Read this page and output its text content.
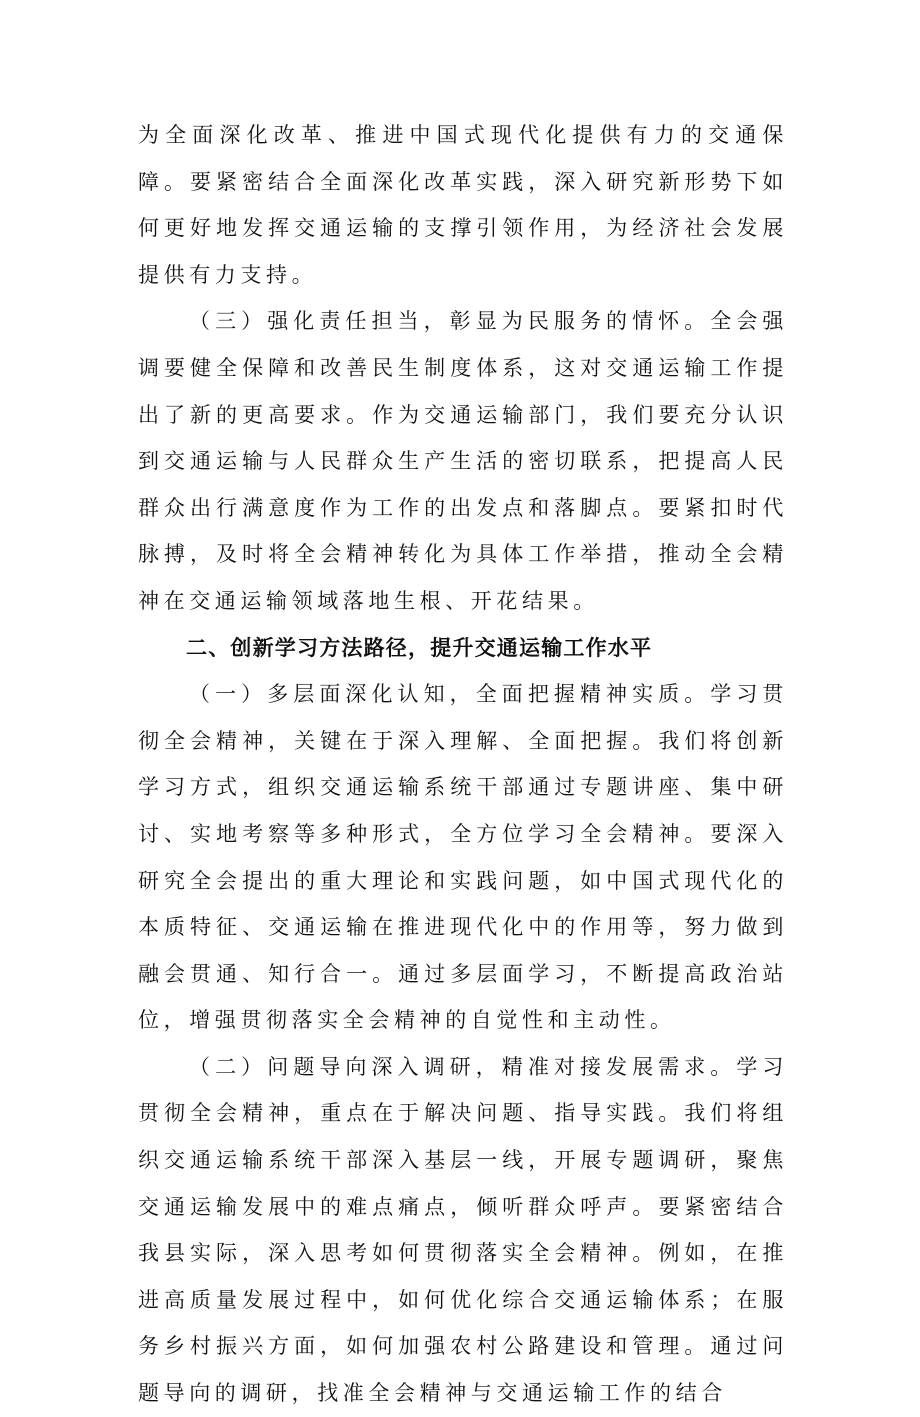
为全面深化改革、推进中国式现代化提供有力的交通保障。要紧密结合全面深化改革实践，深入研究新形势下如何更好地发挥交通运输的支撑引领作用，为经济社会发展提供有力支持。

（三）强化责任担当，彰显为民服务的情怀。全会强调要健全保障和改善民生制度体系，这对交通运输工作提出了新的更高要求。作为交通运输部门，我们要充分认识到交通运输与人民群众生产生活的密切联系，把提高人民群众出行满意度作为工作的出发点和落脚点。要紧扣时代脉搏，及时将全会精神转化为具体工作举措，推动全会精神在交通运输领域落地生根、开花结果。

二、创新学习方法路径，提升交通运输工作水平

（一）多层面深化认知，全面把握精神实质。学习贯彻全会精神，关键在于深入理解、全面把握。我们将创新学习方式，组织交通运输系统干部通过专题讲座、集中研讨、实地考察等多种形式，全方位学习全会精神。要深入研究全会提出的重大理论和实践问题，如中国式现代化的本质特征、交通运输在推进现代化中的作用等，努力做到融会贯通、知行合一。通过多层面学习，不断提高政治站位，增强贯彻落实全会精神的自觉性和主动性。

（二）问题导向深入调研，精准对接发展需求。学习贯彻全会精神，重点在于解决问题、指导实践。我们将组织交通运输系统干部深入基层一线，开展专题调研，聚焦交通运输发展中的难点痛点，倾听群众呼声。要紧密结合我县实际，深入思考如何贯彻落实全会精神。例如，在推进高质量发展过程中，如何优化综合交通运输体系；在服务乡村振兴方面，如何加强农村公路建设和管理。通过问题导向的调研，找准全会精神与交通运输工作的结合
